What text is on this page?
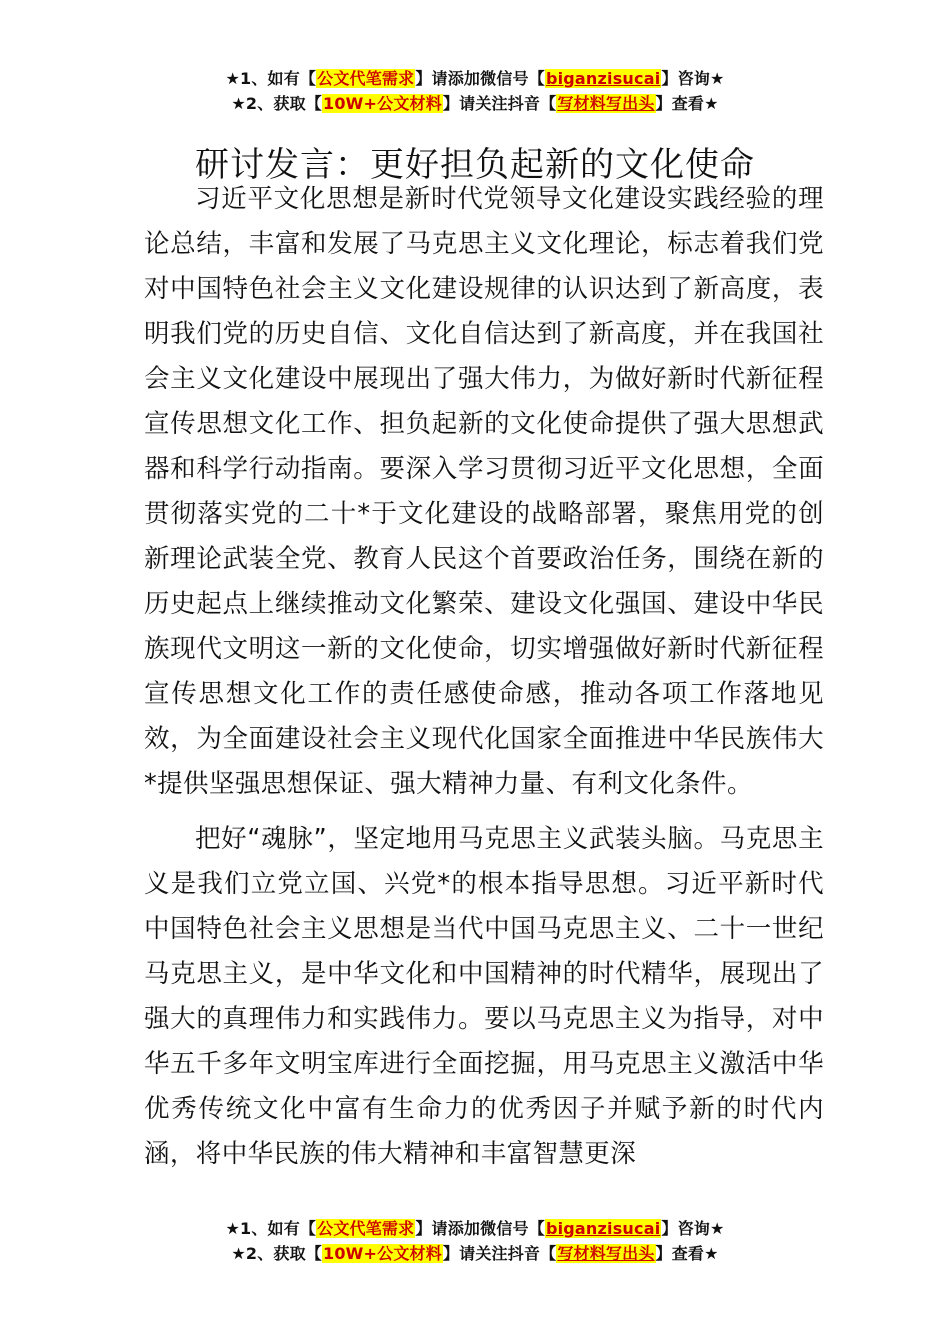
★1、如有【公文代笔需求】请添加微信号【biganzisucai】咨询★
★2、获取【10W+公文材料】请关注抖音【写材料写出头】查看★
研讨发言：更好担负起新的文化使命

习近平文化思想是新时代党领导文化建设实践经验的理论总结，丰富和发展了马克思主义文化理论，标志着我们党对中国特色社会主义文化建设规律的认识达到了新高度，表明我们党的历史自信、文化自信达到了新高度，并在我国社会主义文化建设中展现出了强大伟力，为做好新时代新征程宣传思想文化工作、担负起新的文化使命提供了强大思想武器和科学行动指南。要深入学习贯彻习近平文化思想，全面贯彻落实党的二十*于文化建设的战略部署，聚焦用党的创新理论武装全党、教育人民这个首要政治任务，围绕在新的历史起点上继续推动文化繁荣、建设文化强国、建设中华民族现代文明这一新的文化使命，切实增强做好新时代新征程宣传思想文化工作的责任感使命感，推动各项工作落地见效，为全面建设社会主义现代化国家全面推进中华民族伟大*提供坚强思想保证、强大精神力量、有利文化条件。

把好“魂脉”，坚定地用马克思主义武装头脑。马克思主义是我们立党立国、兴党*的根本指导思想。习近平新时代中国特色社会主义思想是当代中国马克思主义、二十一世纪马克思主义，是中华文化和中国精神的时代精华，展现出了强大的真理伟力和实践伟力。要以马克思主义为指导，对中华五千多年文明宝库进行全面挖掘，用马克思主义激活中华优秀传统文化中富有生命力的优秀因子并赋予新的时代内涵，将中华民族的伟大精神和丰富智慧更深

★1、如有【公文代笔需求】请添加微信号【biganzisucai】咨询★
★2、获取【10W+公文材料】请关注抖音【写材料写出头】查看★
